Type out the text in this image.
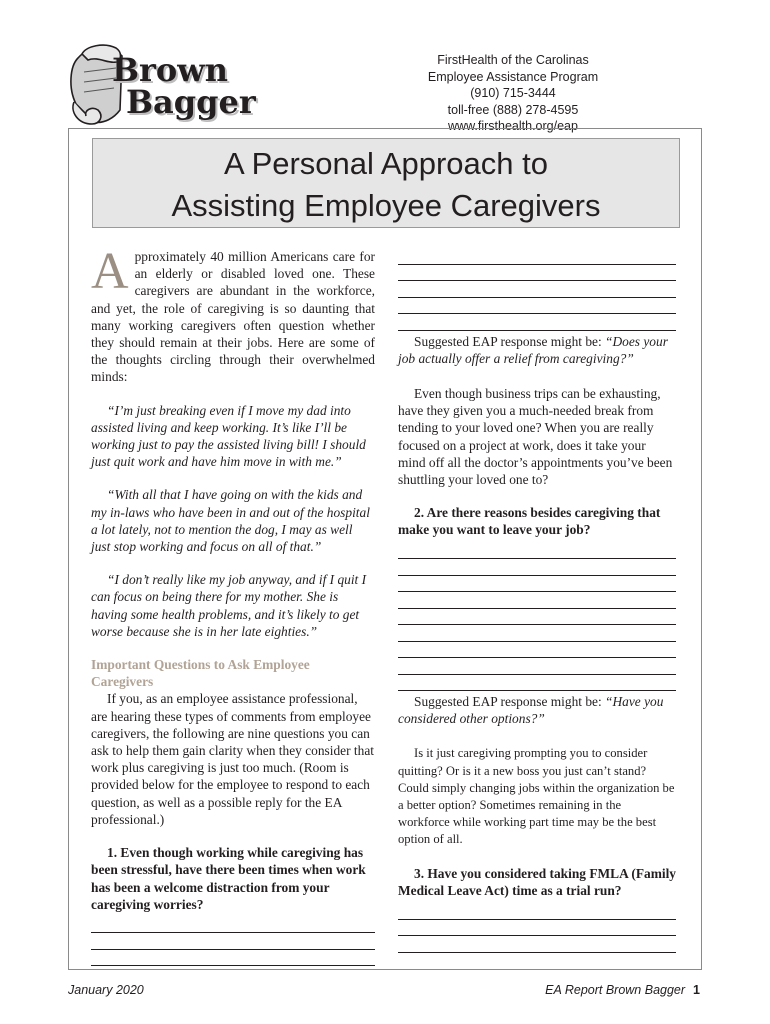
Brown
Bagger
FirstHealth of the Carolinas
Employee Assistance Program
(910) 715-3444
toll-free (888) 278-4595
www.firsthealth.org/eap
A Personal Approach to
Assisting Employee Caregivers

Approximately 40 million Americans care for an elderly or disabled loved one. These caregivers are abundant in the workforce, and yet, the role of caregiving is so daunting that many working caregivers often question whether they should remain at their jobs. Here are some of the thoughts circling through their overwhelmed minds:

“I’m just breaking even if I move my dad into assisted living and keep working. It’s like I’ll be working just to pay the assisted living bill! I should just quit work and have him move in with me.”

“With all that I have going on with the kids and my in-laws who have been in and out of the hospital a lot lately, not to mention the dog, I may as well just stop working and focus on all of that.”

“I don’t really like my job anyway, and if I quit I can focus on being there for my mother. She is having some health problems, and it’s likely to get worse because she is in her late eighties.”

Important Questions to Ask Employee Caregivers

If you, as an employee assistance professional, are hearing these types of comments from employee caregivers, the following are nine questions you can ask to help them gain clarity when they consider that work plus caregiving is just too much. (Room is provided below for the employee to respond to each question, as well as a possible reply for the EA professional.)

1. Even though working while caregiving has been stressful, have there been times when work has been a welcome distraction from your caregiving worries?

Suggested EAP response might be: “Does your job actually offer a relief from caregiving?”

Even though business trips can be exhausting, have they given you a much-needed break from tending to your loved one? When you are really focused on a project at work, does it take your mind off all the doctor’s appointments you’ve been shuttling your loved one to?

2. Are there reasons besides caregiving that make you want to leave your job?

Suggested EAP response might be: “Have you considered other options?”

Is it just caregiving prompting you to consider quitting? Or is it a new boss you just can’t stand? Could simply changing jobs within the organization be a better option? Sometimes remaining in the workforce while working part time may be the best option of all.

3. Have you considered taking FMLA (Family Medical Leave Act) time as a trial run?

January 2020	EA Report Brown Bagger 1
